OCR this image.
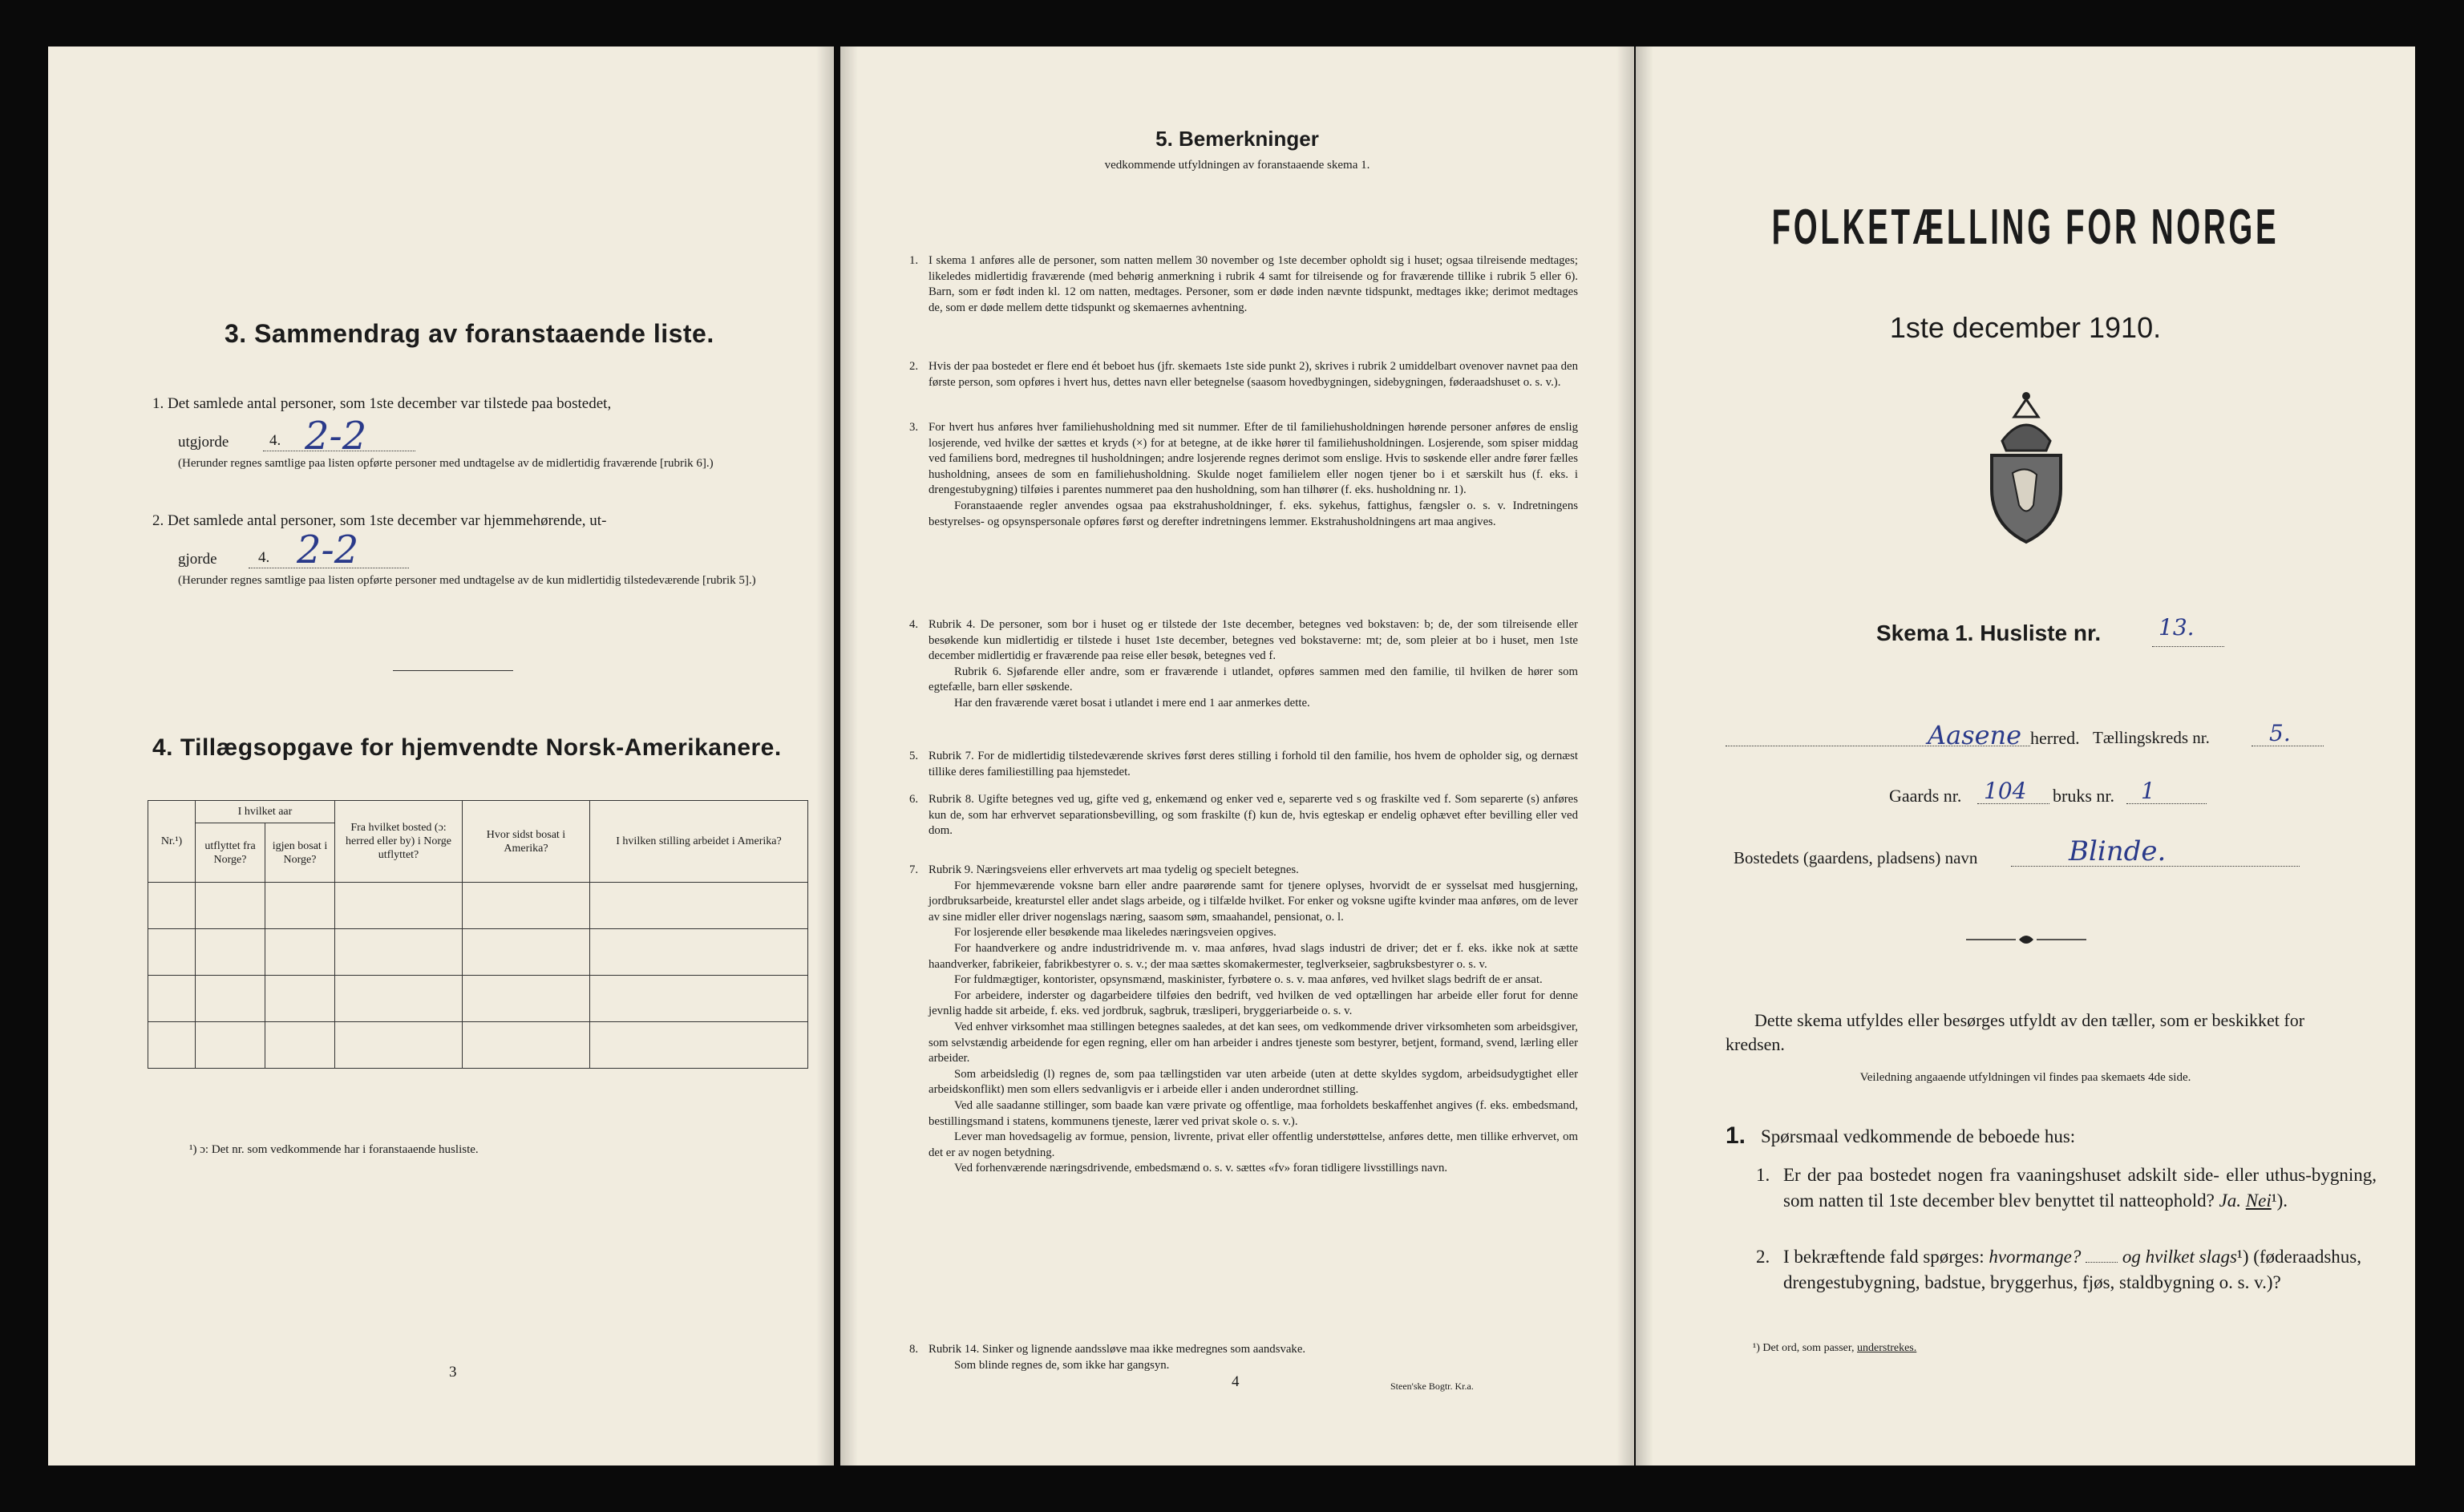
3. Sammendrag av foranstaaende liste.
1. Det samlede antal personer, som 1ste december var tilstede paa bostedet,
utgjorde	4. 2-2
(Herunder regnes samtlige paa listen opførte personer med undtagelse av de midlertidig fraværende [rubrik 6].)
2. Det samlede antal personer, som 1ste december var hjemmehørende, ut-
gjorde	4. 2-2
(Herunder regnes samtlige paa listen opførte personer med undtagelse av de kun midlertidig tilstedeværende [rubrik 5].)
4. Tillægsopgave for hjemvendte Norsk-Amerikanere.
Nr.¹)	I hvilket aar		Fra hvilket bosted (ɔ: herred eller by) i Norge utflyttet?	Hvor sidst bosat i Amerika?	I hvilken stilling arbeidet i Amerika?
	utflyttet fra Norge?	igjen bosat i Norge?			

¹) ɔ: Det nr. som vedkommende har i foranstaaende husliste.
3
5. Bemerkninger
vedkommende utfyldningen av foranstaaende skema 1.
1. I skema 1 anføres alle de personer, som natten mellem 30 november og 1ste december opholdt sig i huset; ogsaa tilreisende medtages; likeledes midlertidig fraværende (med behørig anmerkning i rubrik 4 samt for tilreisende og for fraværende tillike i rubrik 5 eller 6). Barn, som er født inden kl. 12 om natten, medtages. Personer, som er døde inden nævnte tidspunkt, medtages ikke; derimot medtages de, som er døde mellem dette tidspunkt og skemaernes avhentning.

2. Hvis der paa bostedet er flere end ét beboet hus (jfr. skemaets 1ste side punkt 2), skrives i rubrik 2 umiddelbart ovenover navnet paa den første person, som opføres i hvert hus, dettes navn eller betegnelse (saasom hovedbygningen, sidebygningen, føderaadshuset o. s. v.).

3. For hvert hus anføres hver familiehusholdning med sit nummer. Efter de til familiehusholdningen hørende personer anføres de enslig losjerende, ved hvilke der sættes et kryds (×) for at betegne, at de ikke hører til familiehusholdningen. Losjerende, som spiser middag ved familiens bord, medregnes til husholdningen; andre losjerende regnes derimot som enslige. Hvis to søskende eller andre fører fælles husholdning, ansees de som en familiehusholdning. Skulde noget familielem eller nogen tjener bo i et særskilt hus (f. eks. i drengestubygning) tilføies i parentes nummeret paa den husholdning, som han tilhører (f. eks. husholdning nr. 1).

Foranstaaende regler anvendes ogsaa paa ekstrahusholdninger, f. eks. sykehus, fattighus, fængsler o. s. v. Indretningens bestyrelses- og opsynspersonale opføres først og derefter indretningens lemmer. Ekstrahusholdningens art maa angives.

4. Rubrik 4. De personer, som bor i huset og er tilstede der 1ste december, betegnes ved bokstaven: b; de, der som tilreisende eller besøkende kun midlertidig er tilstede i huset 1ste december, betegnes ved bokstaverne: mt; de, som pleier at bo i huset, men 1ste december midlertidig er fraværende paa reise eller besøk, betegnes ved f.

Rubrik 6. Sjøfarende eller andre, som er fraværende i utlandet, opføres sammen med den familie, til hvilken de hører som egtefælle, barn eller søskende.

Har den fraværende været bosat i utlandet i mere end 1 aar anmerkes dette.

5. Rubrik 7. For de midlertidig tilstedeværende skrives først deres stilling i forhold til den familie, hos hvem de opholder sig, og dernæst tillike deres familiestilling paa hjemstedet.

6. Rubrik 8. Ugifte betegnes ved ug, gifte ved g, enkemænd og enker ved e, separerte ved s og fraskilte ved f. Som separerte (s) anføres kun de, som har erhvervet separationsbevilling, og som fraskilte (f) kun de, hvis egteskap er endelig ophævet efter bevilling eller ved dom.

7. Rubrik 9. Næringsveiens eller erhvervets art maa tydelig og specielt betegnes.

For hjemmeværende voksne barn eller andre paarørende samt for tjenere oplyses, hvorvidt de er sysselsat med husgjerning, jordbruksarbeide, kreaturstel eller andet slags arbeide, og i tilfælde hvilket. For enker og voksne ugifte kvinder maa anføres, om de lever av sine midler eller driver nogenslags næring, saasom søm, smaahandel, pensionat, o. l.

For losjerende eller besøkende maa likeledes næringsveien opgives.

For haandverkere og andre industridrivende m. v. maa anføres, hvad slags industri de driver; det er f. eks. ikke nok at sætte haandverker, fabrikeier, fabrikbestyrer o. s. v.; der maa sættes skomakermester, teglverkseier, sagbruksbestyrer o. s. v.

For fuldmægtiger, kontorister, opsynsmænd, maskinister, fyrbøtere o. s. v. maa anføres, ved hvilket slags bedrift de er ansat.

For arbeidere, inderster og dagarbeidere tilføies den bedrift, ved hvilken de ved optællingen har arbeide eller forut for denne jevnlig hadde sit arbeide, f. eks. ved jordbruk, sagbruk, træsliperi, bryggeriarbeide o. s. v.

Ved enhver virksomhet maa stillingen betegnes saaledes, at det kan sees, om vedkommende driver virksomheten som arbeidsgiver, som selvstændig arbeidende for egen regning, eller om han arbeider i andres tjeneste som bestyrer, betjent, formand, svend, lærling eller arbeider.

Som arbeidsledig (l) regnes de, som paa tællingstiden var uten arbeide (uten at dette skyldes sygdom, arbeidsudygtighet eller arbeidskonflikt) men som ellers sedvanligvis er i arbeide eller i anden underordnet stilling.

Ved alle saadanne stillinger, som baade kan være private og offentlige, maa forholdets beskaffenhet angives (f. eks. embedsmand, bestillingsmand i statens, kommunens tjeneste, lærer ved privat skole o. s. v.).

Lever man hovedsagelig av formue, pension, livrente, privat eller offentlig understøttelse, anføres dette, men tillike erhvervet, om det er av nogen betydning.

Ved forhenværende næringsdrivende, embedsmænd o. s. v. sættes «fv» foran tidligere livsstillings navn.

8. Rubrik 14. Sinker og lignende aandssløve maa ikke medregnes som aandsvake.

Som blinde regnes de, som ikke har gangsyn.

4	Steen'ske Bogtr. Kr.a.
FOLKETÆLLING FOR NORGE
1ste december 1910.
Skema 1. Husliste nr.	13.
Aasene herred. Tællingskreds nr.	5.
Gaards nr. 104 bruks nr. 1
Bostedets (gaardens, pladsens) navn	Blinde.
Dette skema utfyldes eller besørges utfyldt av den tæller, som er beskikket for kredsen.
Veiledning angaaende utfyldningen vil findes paa skemaets 4de side.
1. Spørsmaal vedkommende de beboede hus:
1. Er der paa bostedet nogen fra vaaningshuset adskilt side- eller uthus-bygning, som natten til 1ste december blev benyttet til natteophold? Ja. Nei¹).
2. I bekræftende fald spørges: hvormange? og hvilket slags¹) (føderaadshus, drengestubygning, badstue, bryggerhus, fjøs, staldbygning o. s. v.)?
¹) Det ord, som passer, understrekes.
